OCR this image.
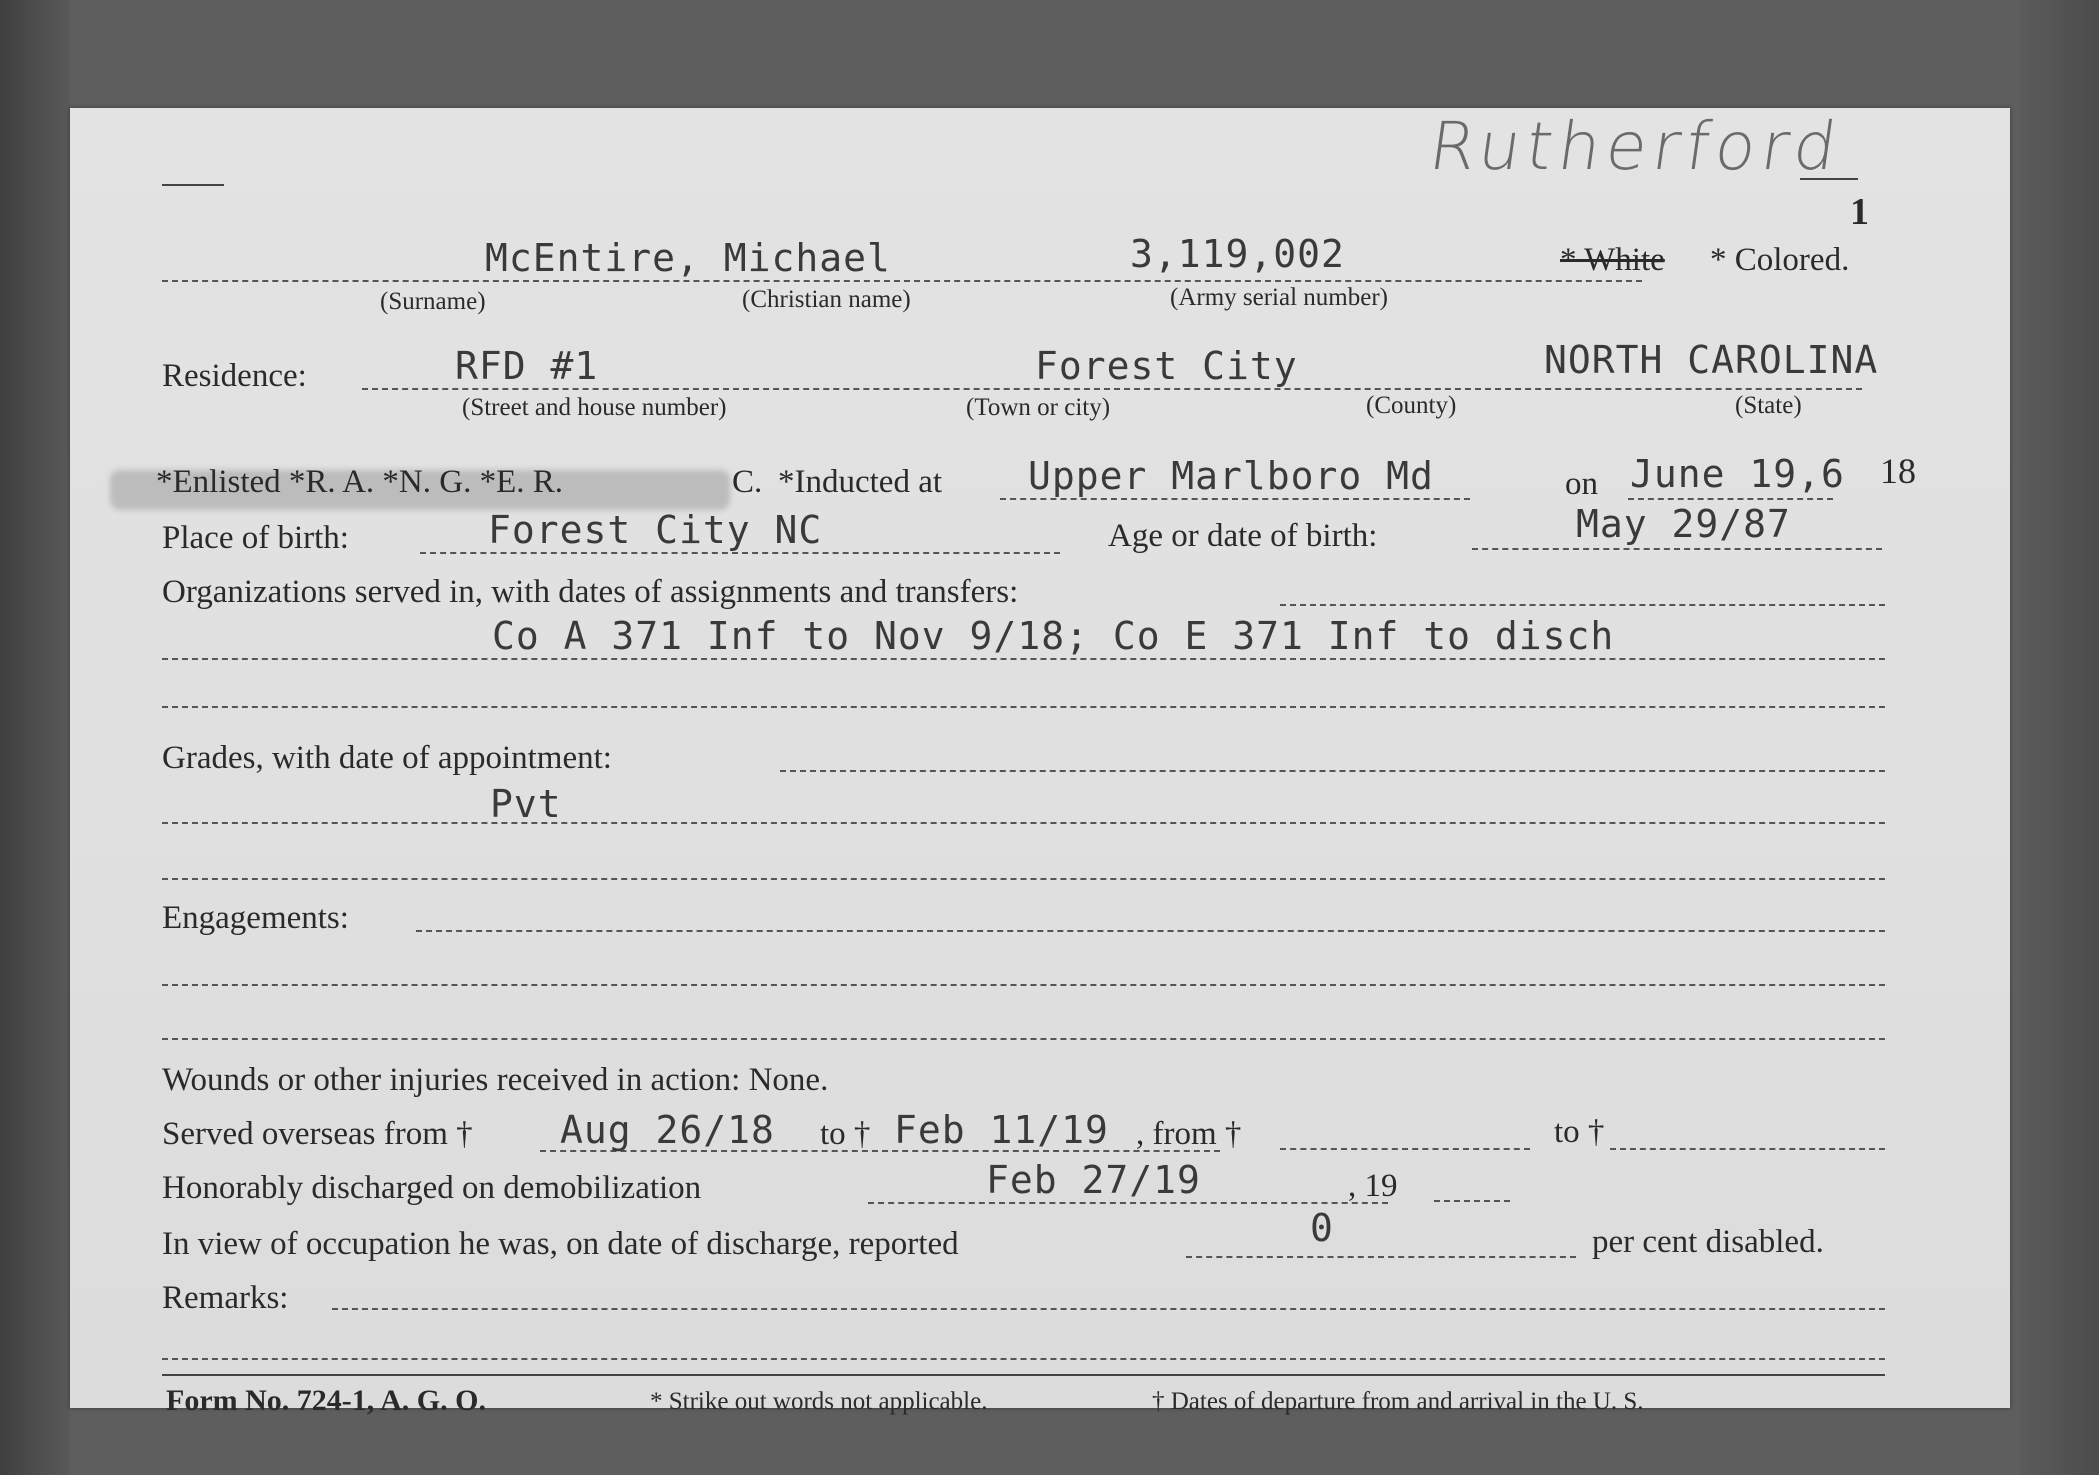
Rutherford
1
McEntire, Michael	3,119,002	* White * Colored.
(Surname)	(Christian name)	(Army serial number)
Residence:	RFD #1	Forest City	NORTH CAROLINA
(Street and house number)	(Town or city)	(County)	(State)
*Enlisted *R. A. *N. G. *E. R.	C. *Inducted at Upper Marlboro Md	on June 19,6 18
Place of birth:	Forest City NC	Age or date of birth:	May 29/87
Organizations served in, with dates of assignments and transfers:
Co A 371 Inf to Nov 9/18; Co E 371 Inf to disch
Grades, with date of appointment:
Pvt
Engagements:
Wounds or other injuries received in action: None.
Served overseas from † Aug 26/18 to † Feb 11/19 , from †	to †
Honorably discharged on demobilization	Feb 27/19	, 19
In view of occupation he was, on date of discharge, reported	0	per cent disabled.
Remarks:
Form No. 724-1, A. G. O.	* Strike out words not applicable.	† Dates of departure from and arrival in the U. S.
